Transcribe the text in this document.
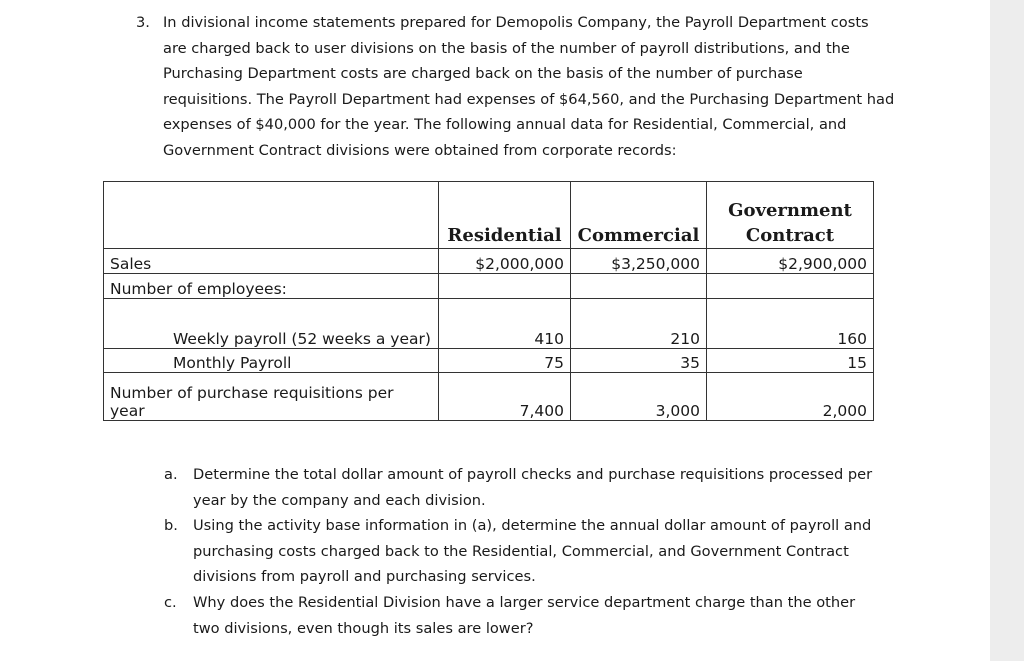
3. In divisional income statements prepared for Demopolis Company, the Payroll Department costs are charged back to user divisions on the basis of the number of payroll distributions, and the Purchasing Department costs are charged back on the basis of the number of purchase requisitions. The Payroll Department had expenses of $64,560, and the Purchasing Department had expenses of $40,000 for the year. The following annual data for Residential, Commercial, and Government Contract divisions were obtained from corporate records:
	Residential	Commercial	Government Contract
Sales	$2,000,000	$3,250,000	$2,900,000
Number of employees:			
Weekly payroll (52 weeks a year)	410	210	160
Monthly Payroll	75	35	15
Number of purchase requisitions per year	7,400	3,000	2,000
a. Determine the total dollar amount of payroll checks and purchase requisitions processed per year by the company and each division.
b. Using the activity base information in (a), determine the annual dollar amount of payroll and purchasing costs charged back to the Residential, Commercial, and Government Contract divisions from payroll and purchasing services.
c. Why does the Residential Division have a larger service department charge than the other two divisions, even though its sales are lower?
